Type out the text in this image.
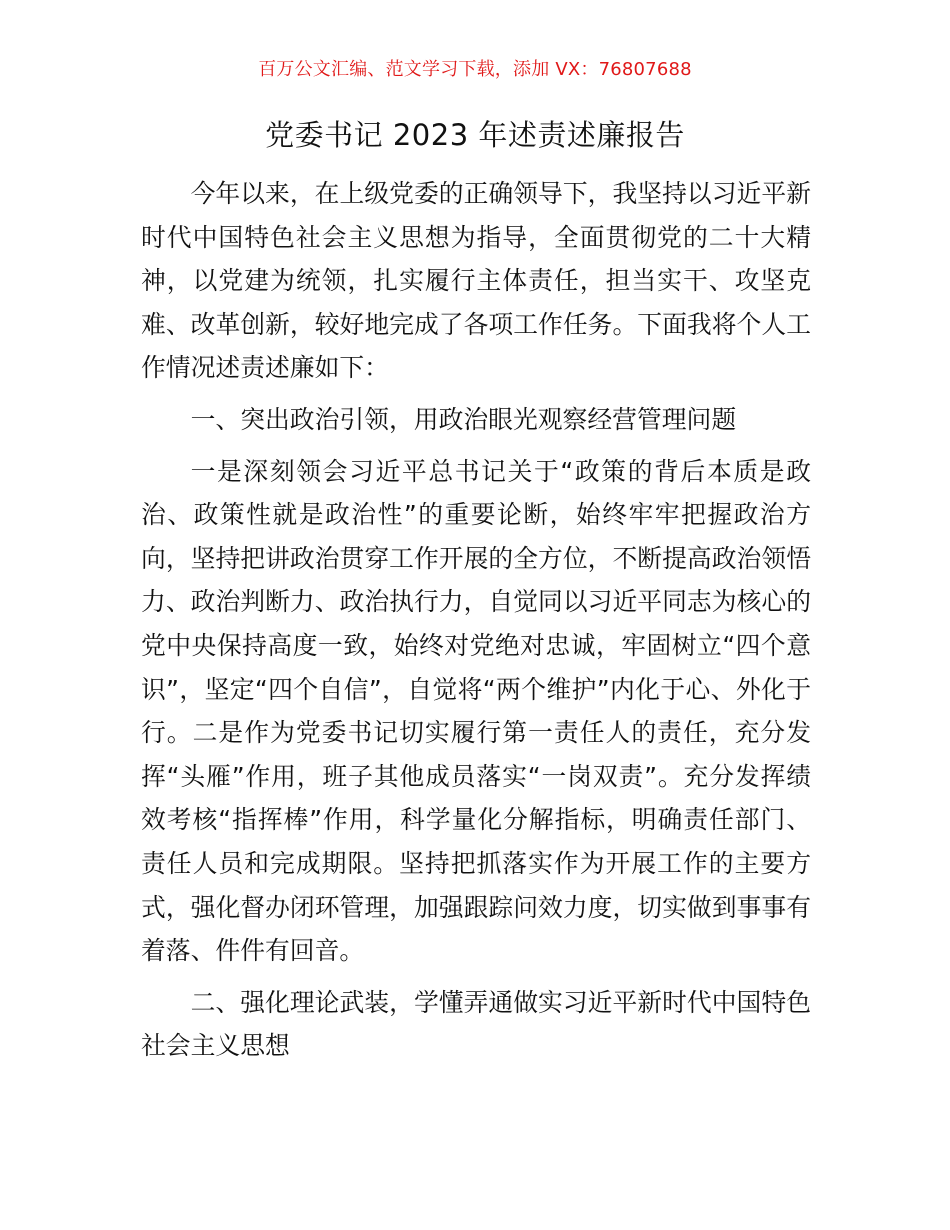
百万公文汇编、范文学习下载，添加 VX：76807688
党委书记 2023 年述责述廉报告

今年以来，在上级党委的正确领导下，我坚持以习近平新时代中国特色社会主义思想为指导，全面贯彻党的二十大精神，以党建为统领，扎实履行主体责任，担当实干、攻坚克难、改革创新，较好地完成了各项工作任务。下面我将个人工作情况述责述廉如下：

一、突出政治引领，用政治眼光观察经营管理问题

一是深刻领会习近平总书记关于“政策的背后本质是政治、政策性就是政治性”的重要论断，始终牢牢把握政治方向，坚持把讲政治贯穿工作开展的全方位，不断提高政治领悟力、政治判断力、政治执行力，自觉同以习近平同志为核心的党中央保持高度一致，始终对党绝对忠诚，牢固树立“四个意识”，坚定“四个自信”，自觉将“两个维护”内化于心、外化于行。二是作为党委书记切实履行第一责任人的责任，充分发挥“头雁”作用，班子其他成员落实“一岗双责”。充分发挥绩效考核“指挥棒”作用，科学量化分解指标，明确责任部门、责任人员和完成期限。坚持把抓落实作为开展工作的主要方式，强化督办闭环管理，加强跟踪问效力度，切实做到事事有着落、件件有回音。

二、强化理论武装，学懂弄通做实习近平新时代中国特色社会主义思想
